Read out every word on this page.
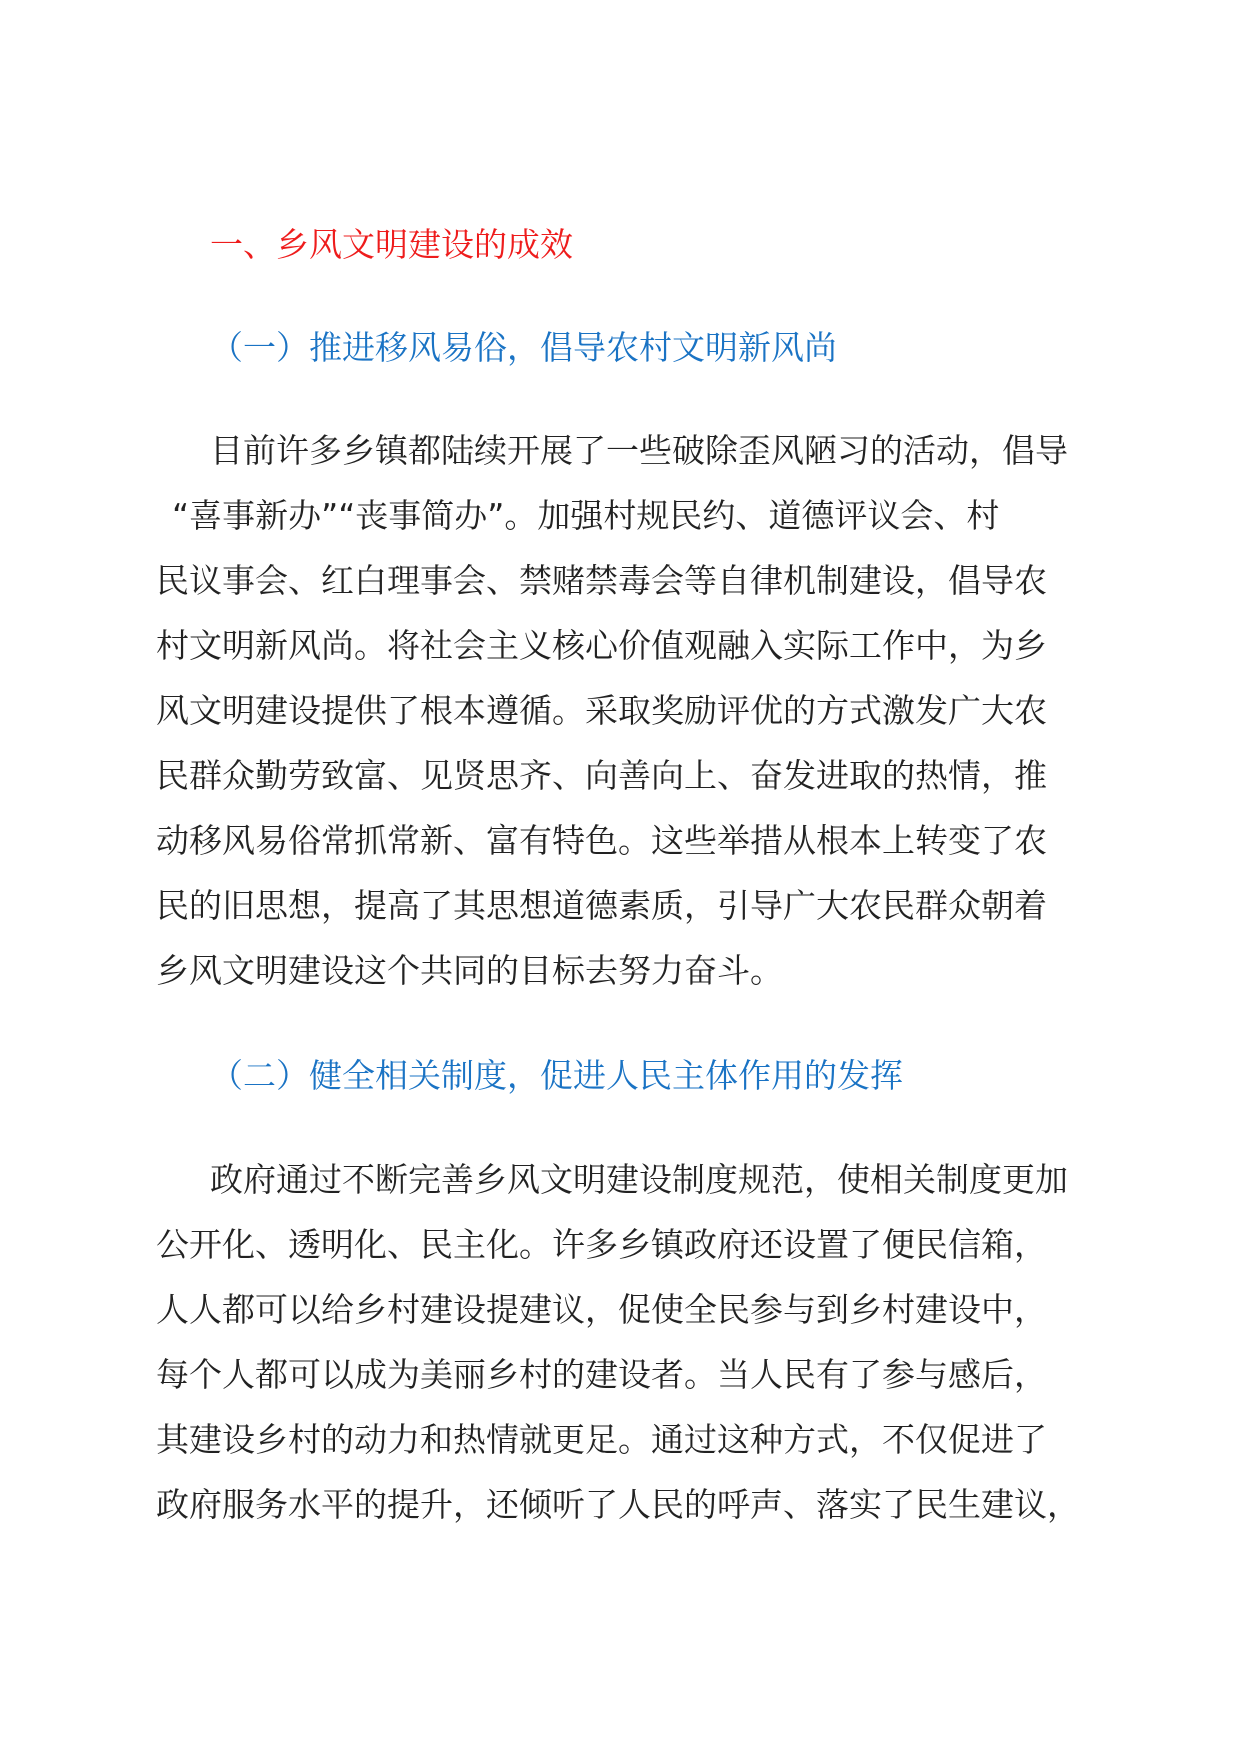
一、乡风文明建设的成效
（一）推进移风易俗，倡导农村文明新风尚
目前许多乡镇都陆续开展了一些破除歪风陋习的活动，倡导
“喜事新办”“丧事简办”。加强村规民约、道德评议会、村
民议事会、红白理事会、禁赌禁毒会等自律机制建设，倡导农
村文明新风尚。将社会主义核心价值观融入实际工作中，为乡
风文明建设提供了根本遵循。采取奖励评优的方式激发广大农
民群众勤劳致富、见贤思齐、向善向上、奋发进取的热情，推
动移风易俗常抓常新、富有特色。这些举措从根本上转变了农
民的旧思想，提高了其思想道德素质，引导广大农民群众朝着
乡风文明建设这个共同的目标去努力奋斗。
（二）健全相关制度，促进人民主体作用的发挥
政府通过不断完善乡风文明建设制度规范，使相关制度更加
公开化、透明化、民主化。许多乡镇政府还设置了便民信箱，
人人都可以给乡村建设提建议，促使全民参与到乡村建设中，
每个人都可以成为美丽乡村的建设者。当人民有了参与感后，
其建设乡村的动力和热情就更足。通过这种方式，不仅促进了
政府服务水平的提升，还倾听了人民的呼声、落实了民生建议，
